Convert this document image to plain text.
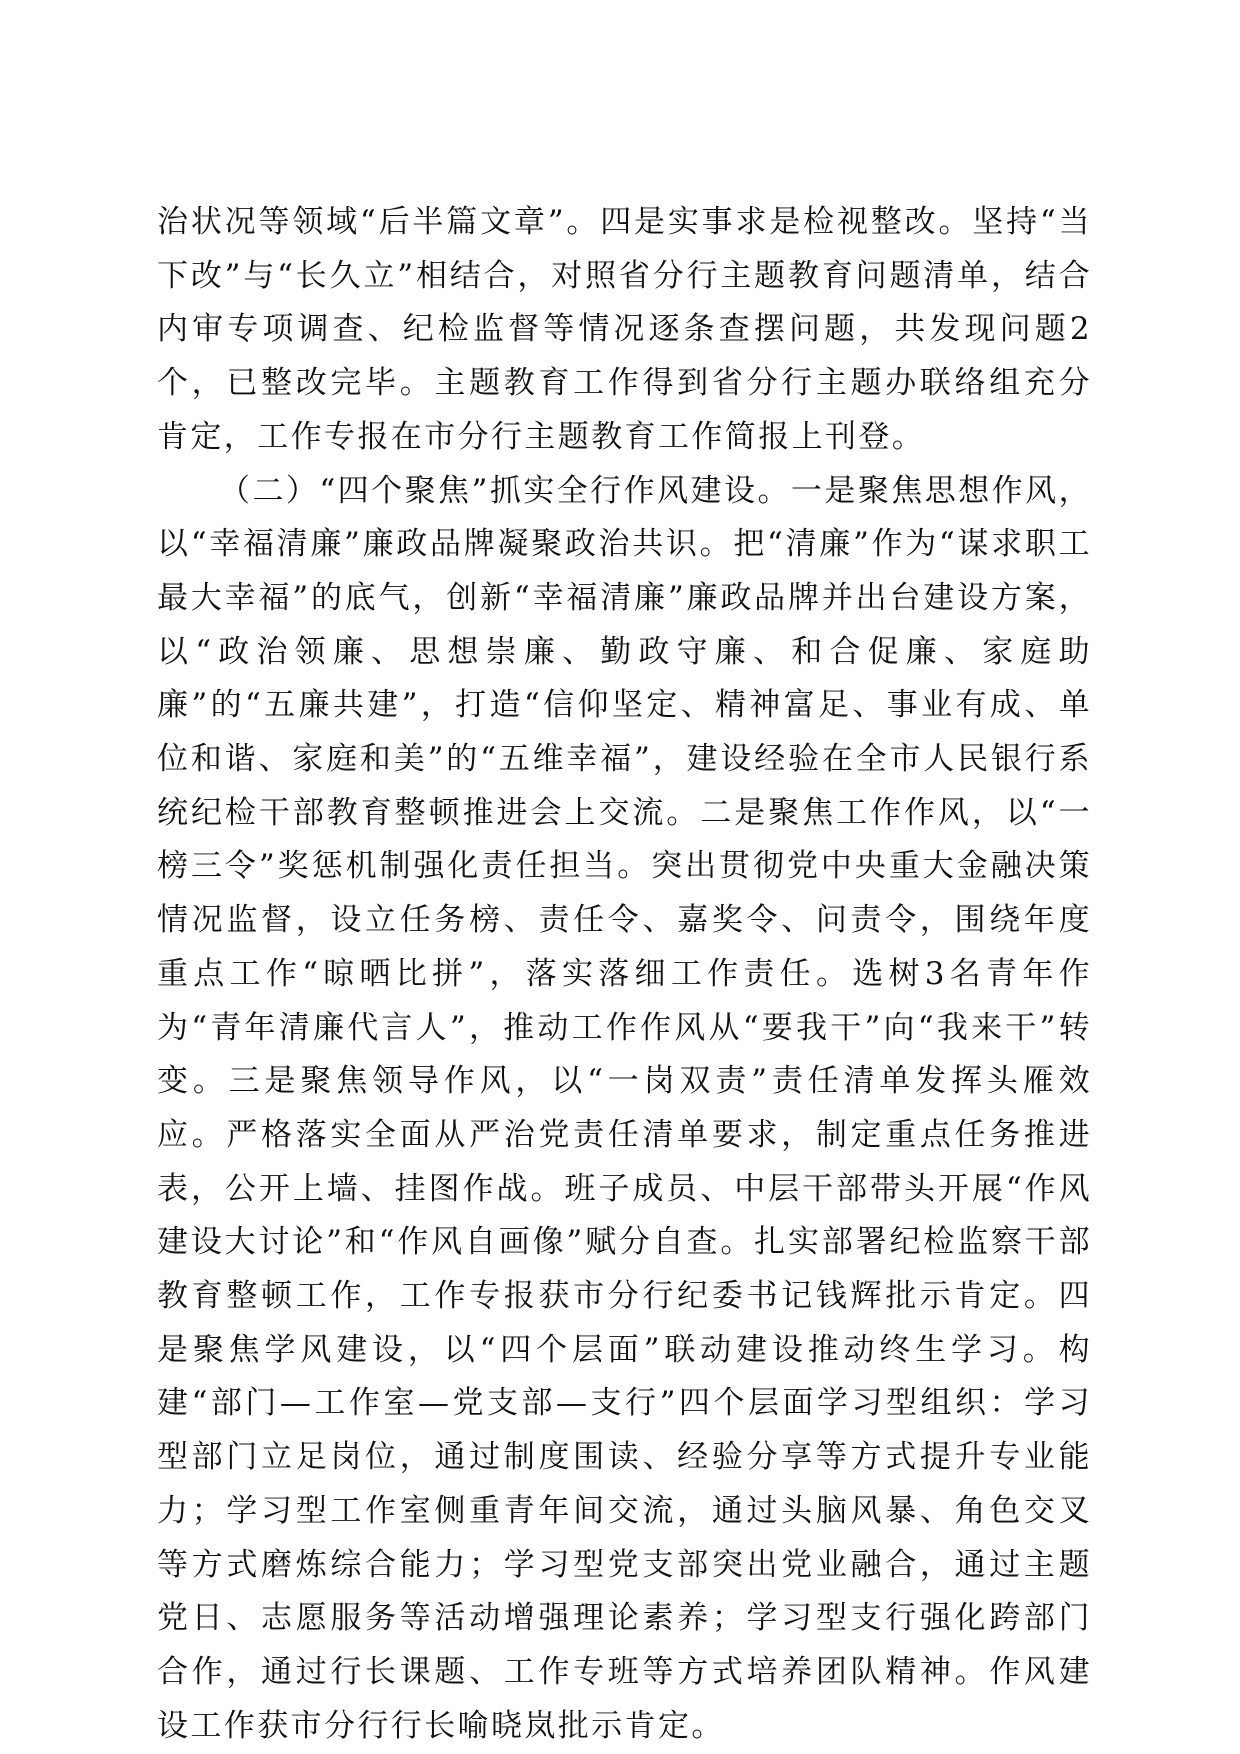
治状况等领域“后半篇文章”。四是实事求是检视整改。坚持“当下改”与“长久立”相结合，对照省分行主题教育问题清单，结合内审专项调查、纪检监督等情况逐条查摆问题，共发现问题2个，已整改完毕。主题教育工作得到省分行主题办联络组充分肯定，工作专报在市分行主题教育工作简报上刊登。

（二）“四个聚焦”抓实全行作风建设。一是聚焦思想作风，以“幸福清廉”廉政品牌凝聚政治共识。把“清廉”作为“谋求职工最大幸福”的底气，创新“幸福清廉”廉政品牌并出台建设方案，以“政治领廉、思想崇廉、勤政守廉、和合促廉、家庭助廉”的“五廉共建”，打造“信仰坚定、精神富足、事业有成、单位和谐、家庭和美”的“五维幸福”，建设经验在全市人民银行系统纪检干部教育整顿推进会上交流。二是聚焦工作作风，以“一榜三令”奖惩机制强化责任担当。突出贯彻党中央重大金融决策情况监督，设立任务榜、责任令、嘉奖令、问责令，围绕年度重点工作“晾晒比拼”，落实落细工作责任。选树3名青年作为“青年清廉代言人”，推动工作作风从“要我干”向“我来干”转变。三是聚焦领导作风，以“一岗双责”责任清单发挥头雁效应。严格落实全面从严治党责任清单要求，制定重点任务推进表，公开上墙、挂图作战。班子成员、中层干部带头开展“作风建设大讨论”和“作风自画像”赋分自查。扎实部署纪检监察干部教育整顿工作，工作专报获市分行纪委书记钱辉批示肯定。四是聚焦学风建设，以“四个层面”联动建设推动终生学习。构建“部门—工作室—党支部—支行”四个层面学习型组织：学习型部门立足岗位，通过制度围读、经验分享等方式提升专业能力；学习型工作室侧重青年间交流，通过头脑风暴、角色交叉等方式磨炼综合能力；学习型党支部突出党业融合，通过主题党日、志愿服务等活动增强理论素养；学习型支行强化跨部门合作，通过行长课题、工作专班等方式培养团队精神。作风建设工作获市分行行长喻晓岚批示肯定。
